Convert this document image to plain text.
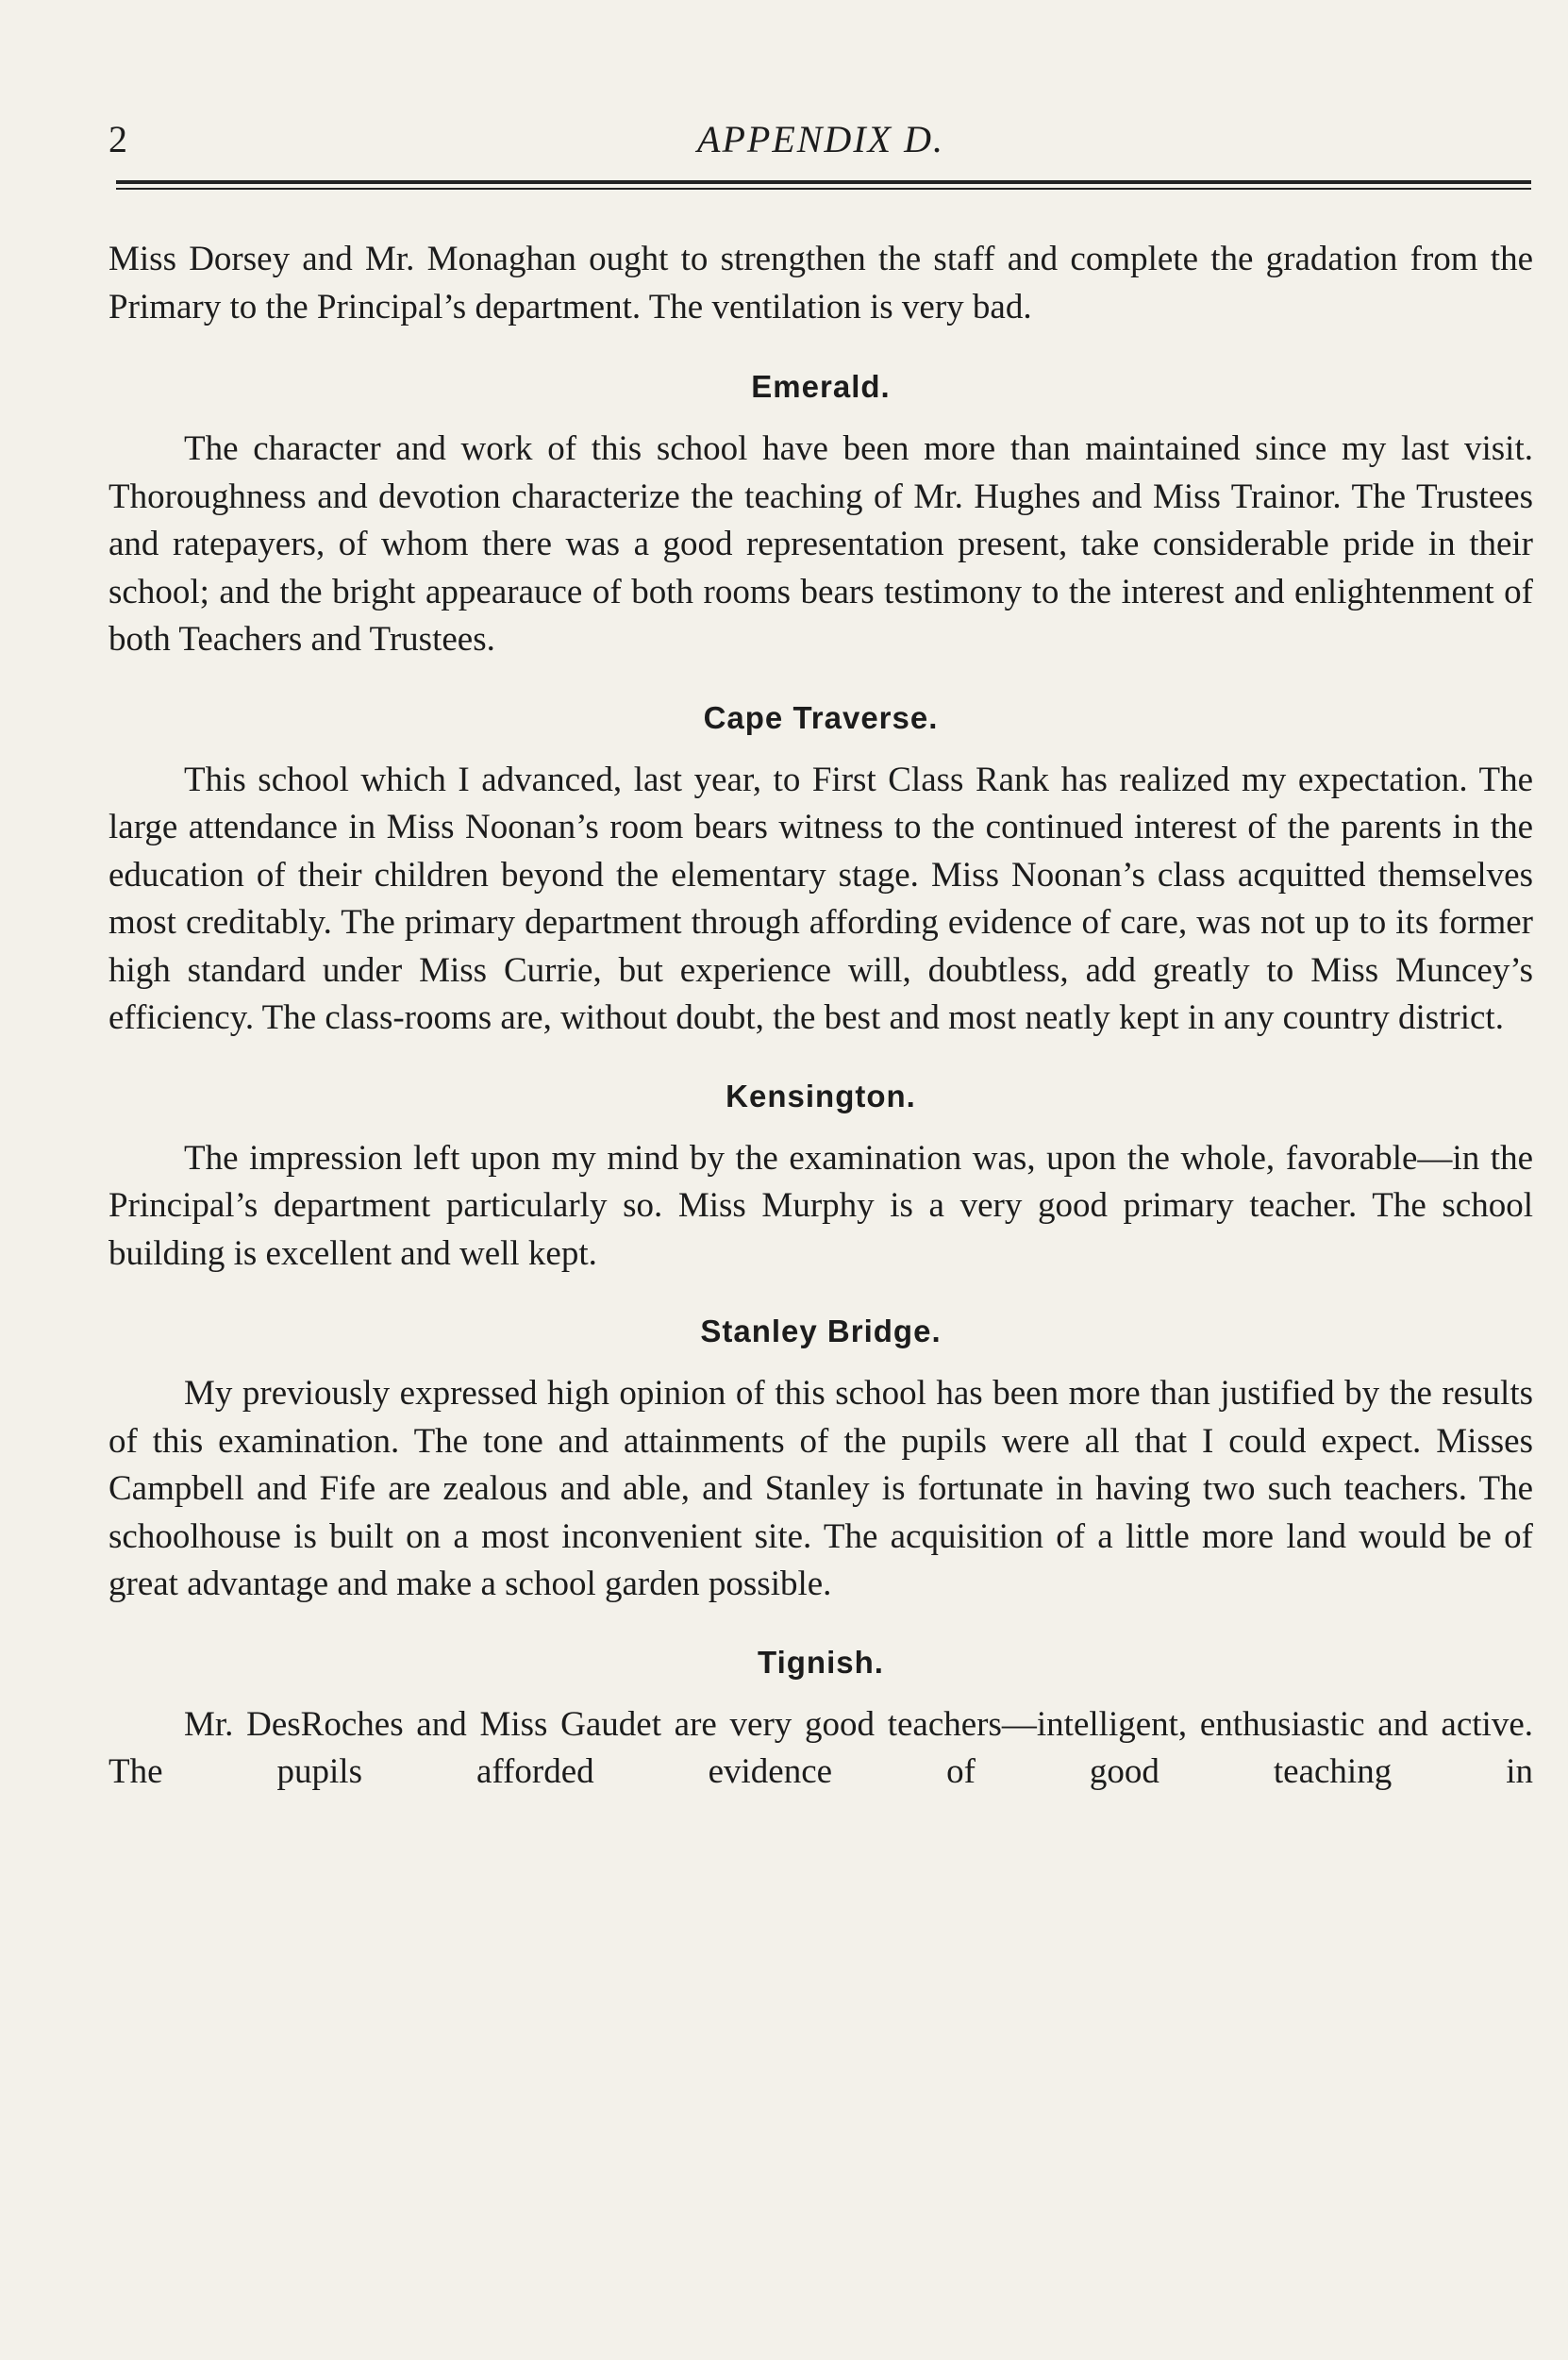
2	APPENDIX D.

Miss Dorsey and Mr. Monaghan ought to strengthen the staff and complete the gradation from the Primary to the Principal’s department. The ventilation is very bad.

Emerald.

The character and work of this school have been more than maintained since my last visit. Thoroughness and devotion characterize the teaching of Mr. Hughes and Miss Trainor. The Trustees and ratepayers, of whom there was a good representation present, take considerable pride in their school; and the bright appearauce of both rooms bears testimony to the interest and enlightenment of both Teachers and Trustees.

Cape Traverse.

This school which I advanced, last year, to First Class Rank has realized my expectation. The large attendance in Miss Noonan’s room bears witness to the continued interest of the parents in the education of their children beyond the elementary stage. Miss Noonan’s class acquitted themselves most creditably. The primary department through affording evidence of care, was not up to its former high standard under Miss Currie, but experience will, doubtless, add greatly to Miss Muncey’s efficiency. The class-rooms are, without doubt, the best and most neatly kept in any country district.

Kensington.

The impression left upon my mind by the examination was, upon the whole, favorable—in the Principal’s department particularly so. Miss Murphy is a very good primary teacher. The school building is excellent and well kept.

Stanley Bridge.

My previously expressed high opinion of this school has been more than justified by the results of this examination. The tone and attainments of the pupils were all that I could expect. Misses Campbell and Fife are zealous and able, and Stanley is fortunate in having two such teachers. The schoolhouse is built on a most inconvenient site. The acquisition of a little more land would be of great advantage and make a school garden possible.

Tignish.

Mr. DesRoches and Miss Gaudet are very good teachers—intelligent, enthusiastic and active. The pupils afforded evidence of good teaching in
